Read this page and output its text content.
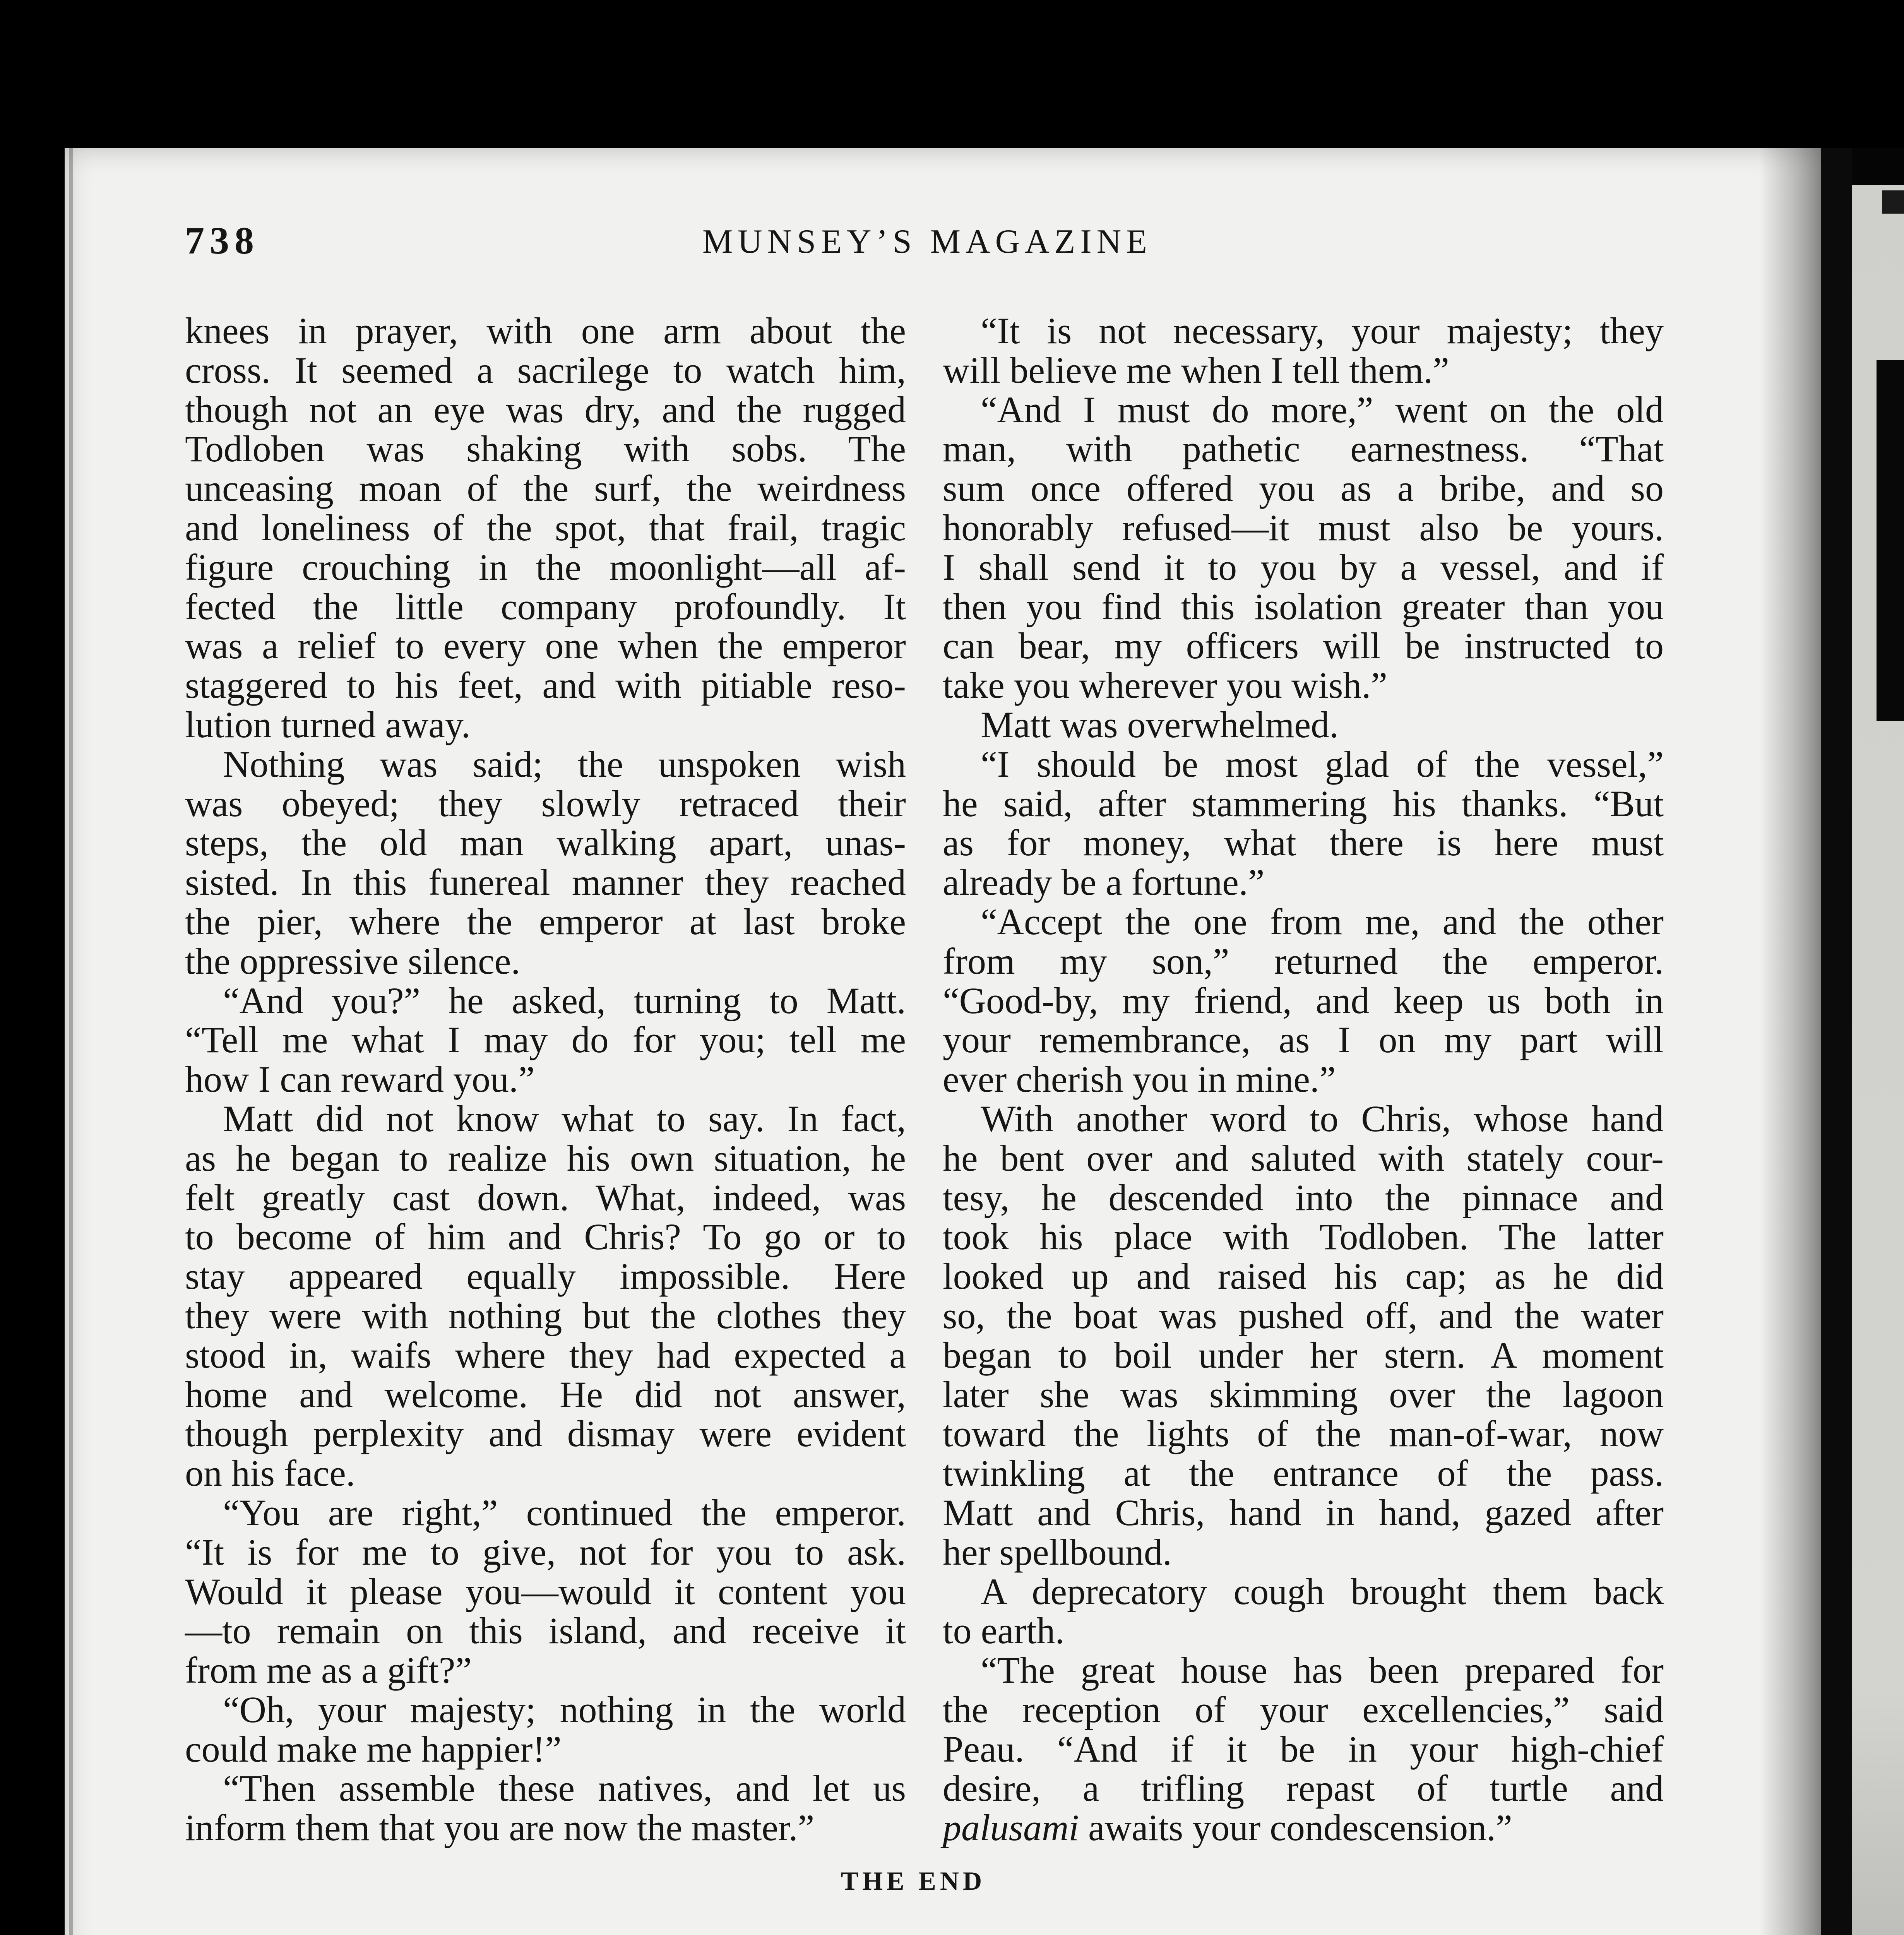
738	MUNSEY’S MAGAZINE
knees in prayer, with one arm about the
cross. It seemed a sacrilege to watch him,
though not an eye was dry, and the rugged
Todloben was shaking with sobs. The
unceasing moan of the surf, the weirdness
and loneliness of the spot, that frail, tragic
figure crouching in the moonlight—all af-
fected the little company profoundly. It
was a relief to every one when the emperor
staggered to his feet, and with pitiable reso-
lution turned away.
Nothing was said; the unspoken wish
was obeyed; they slowly retraced their
steps, the old man walking apart, unas-
sisted. In this funereal manner they reached
the pier, where the emperor at last broke
the oppressive silence.
“And you?” he asked, turning to Matt.
“Tell me what I may do for you; tell me
how I can reward you.”
Matt did not know what to say. In fact,
as he began to realize his own situation, he
felt greatly cast down. What, indeed, was
to become of him and Chris? To go or to
stay appeared equally impossible. Here
they were with nothing but the clothes they
stood in, waifs where they had expected a
home and welcome. He did not answer,
though perplexity and dismay were evident
on his face.
“You are right,” continued the emperor.
“It is for me to give, not for you to ask.
Would it please you—would it content you
—to remain on this island, and receive it
from me as a gift?”
“Oh, your majesty; nothing in the world
could make me happier!”
“Then assemble these natives, and let us
inform them that you are now the master.”
“It is not necessary, your majesty; they
will believe me when I tell them.”
“And I must do more,” went on the old
man, with pathetic earnestness. “That
sum once offered you as a bribe, and so
honorably refused—it must also be yours.
I shall send it to you by a vessel, and if
then you find this isolation greater than you
can bear, my officers will be instructed to
take you wherever you wish.”
Matt was overwhelmed.
“I should be most glad of the vessel,”
he said, after stammering his thanks. “But
as for money, what there is here must
already be a fortune.”
“Accept the one from me, and the other
from my son,” returned the emperor.
“Good-by, my friend, and keep us both in
your remembrance, as I on my part will
ever cherish you in mine.”
With another word to Chris, whose hand
he bent over and saluted with stately cour-
tesy, he descended into the pinnace and
took his place with Todloben. The latter
looked up and raised his cap; as he did
so, the boat was pushed off, and the water
began to boil under her stern. A moment
later she was skimming over the lagoon
toward the lights of the man-of-war, now
twinkling at the entrance of the pass.
Matt and Chris, hand in hand, gazed after
her spellbound.
A deprecatory cough brought them back
to earth.
“The great house has been prepared for
the reception of your excellencies,” said
Peau. “And if it be in your high-chief
desire, a trifling repast of turtle and
palusami awaits your condescension.”
THE END
